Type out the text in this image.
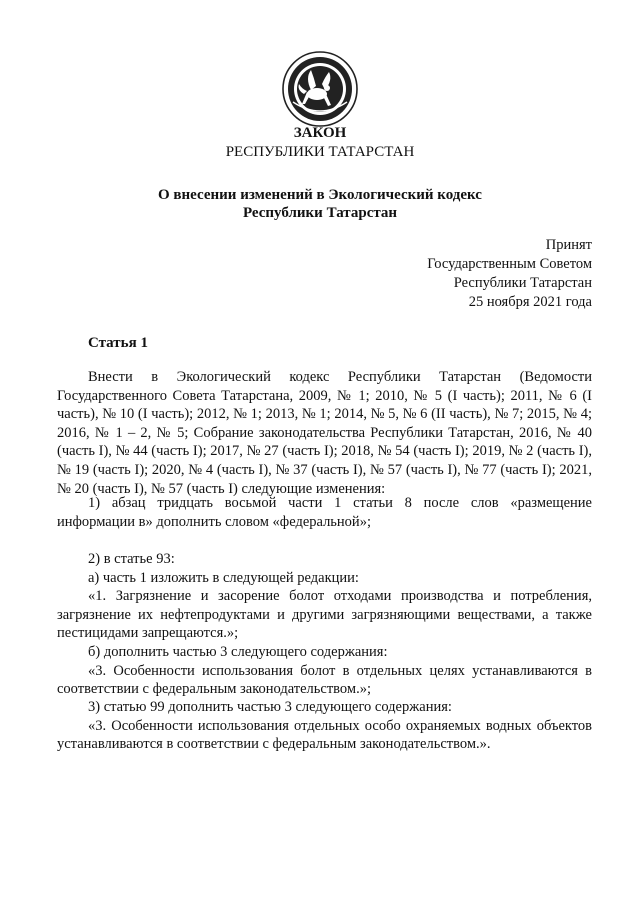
ЗАКОН
РЕСПУБЛИКИ ТАТАРСТАН
О внесении изменений в Экологический кодекс
Республики Татарстан
Принят
Государственным Советом
Республики Татарстан
25 ноября 2021 года
Статья 1
Внести в Экологический кодекс Республики Татарстан (Ведомости Государственного Совета Татарстана, 2009, № 1; 2010, № 5 (I часть); 2011, № 6 (I часть), № 10 (I часть); 2012, № 1; 2013, № 1; 2014, № 5, № 6 (II часть), № 7; 2015, № 4; 2016, № 1 – 2, № 5; Собрание законодательства Республики Татарстан, 2016, № 40 (часть I), № 44 (часть I); 2017, № 27 (часть I); 2018, № 54 (часть I); 2019, № 2 (часть I), № 19 (часть I); 2020, № 4 (часть I), № 37 (часть I), № 57 (часть I), № 77 (часть I); 2021, № 20 (часть I), № 57 (часть I) следующие изменения:
1) абзац тридцать восьмой части 1 статьи 8 после слов «размещение информации в» дополнить словом «федеральной»;
2) в статье 93:
а) часть 1 изложить в следующей редакции:
«1. Загрязнение и засорение болот отходами производства и потребления, загрязнение их нефтепродуктами и другими загрязняющими веществами, а также пестицидами запрещаются.»;
б) дополнить частью 3 следующего содержания:
«3. Особенности использования болот в отдельных целях устанавливаются в соответствии с федеральным законодательством.»;
3) статью 99 дополнить частью 3 следующего содержания:
«3. Особенности использования отдельных особо охраняемых водных объектов устанавливаются в соответствии с федеральным законодательством.».
